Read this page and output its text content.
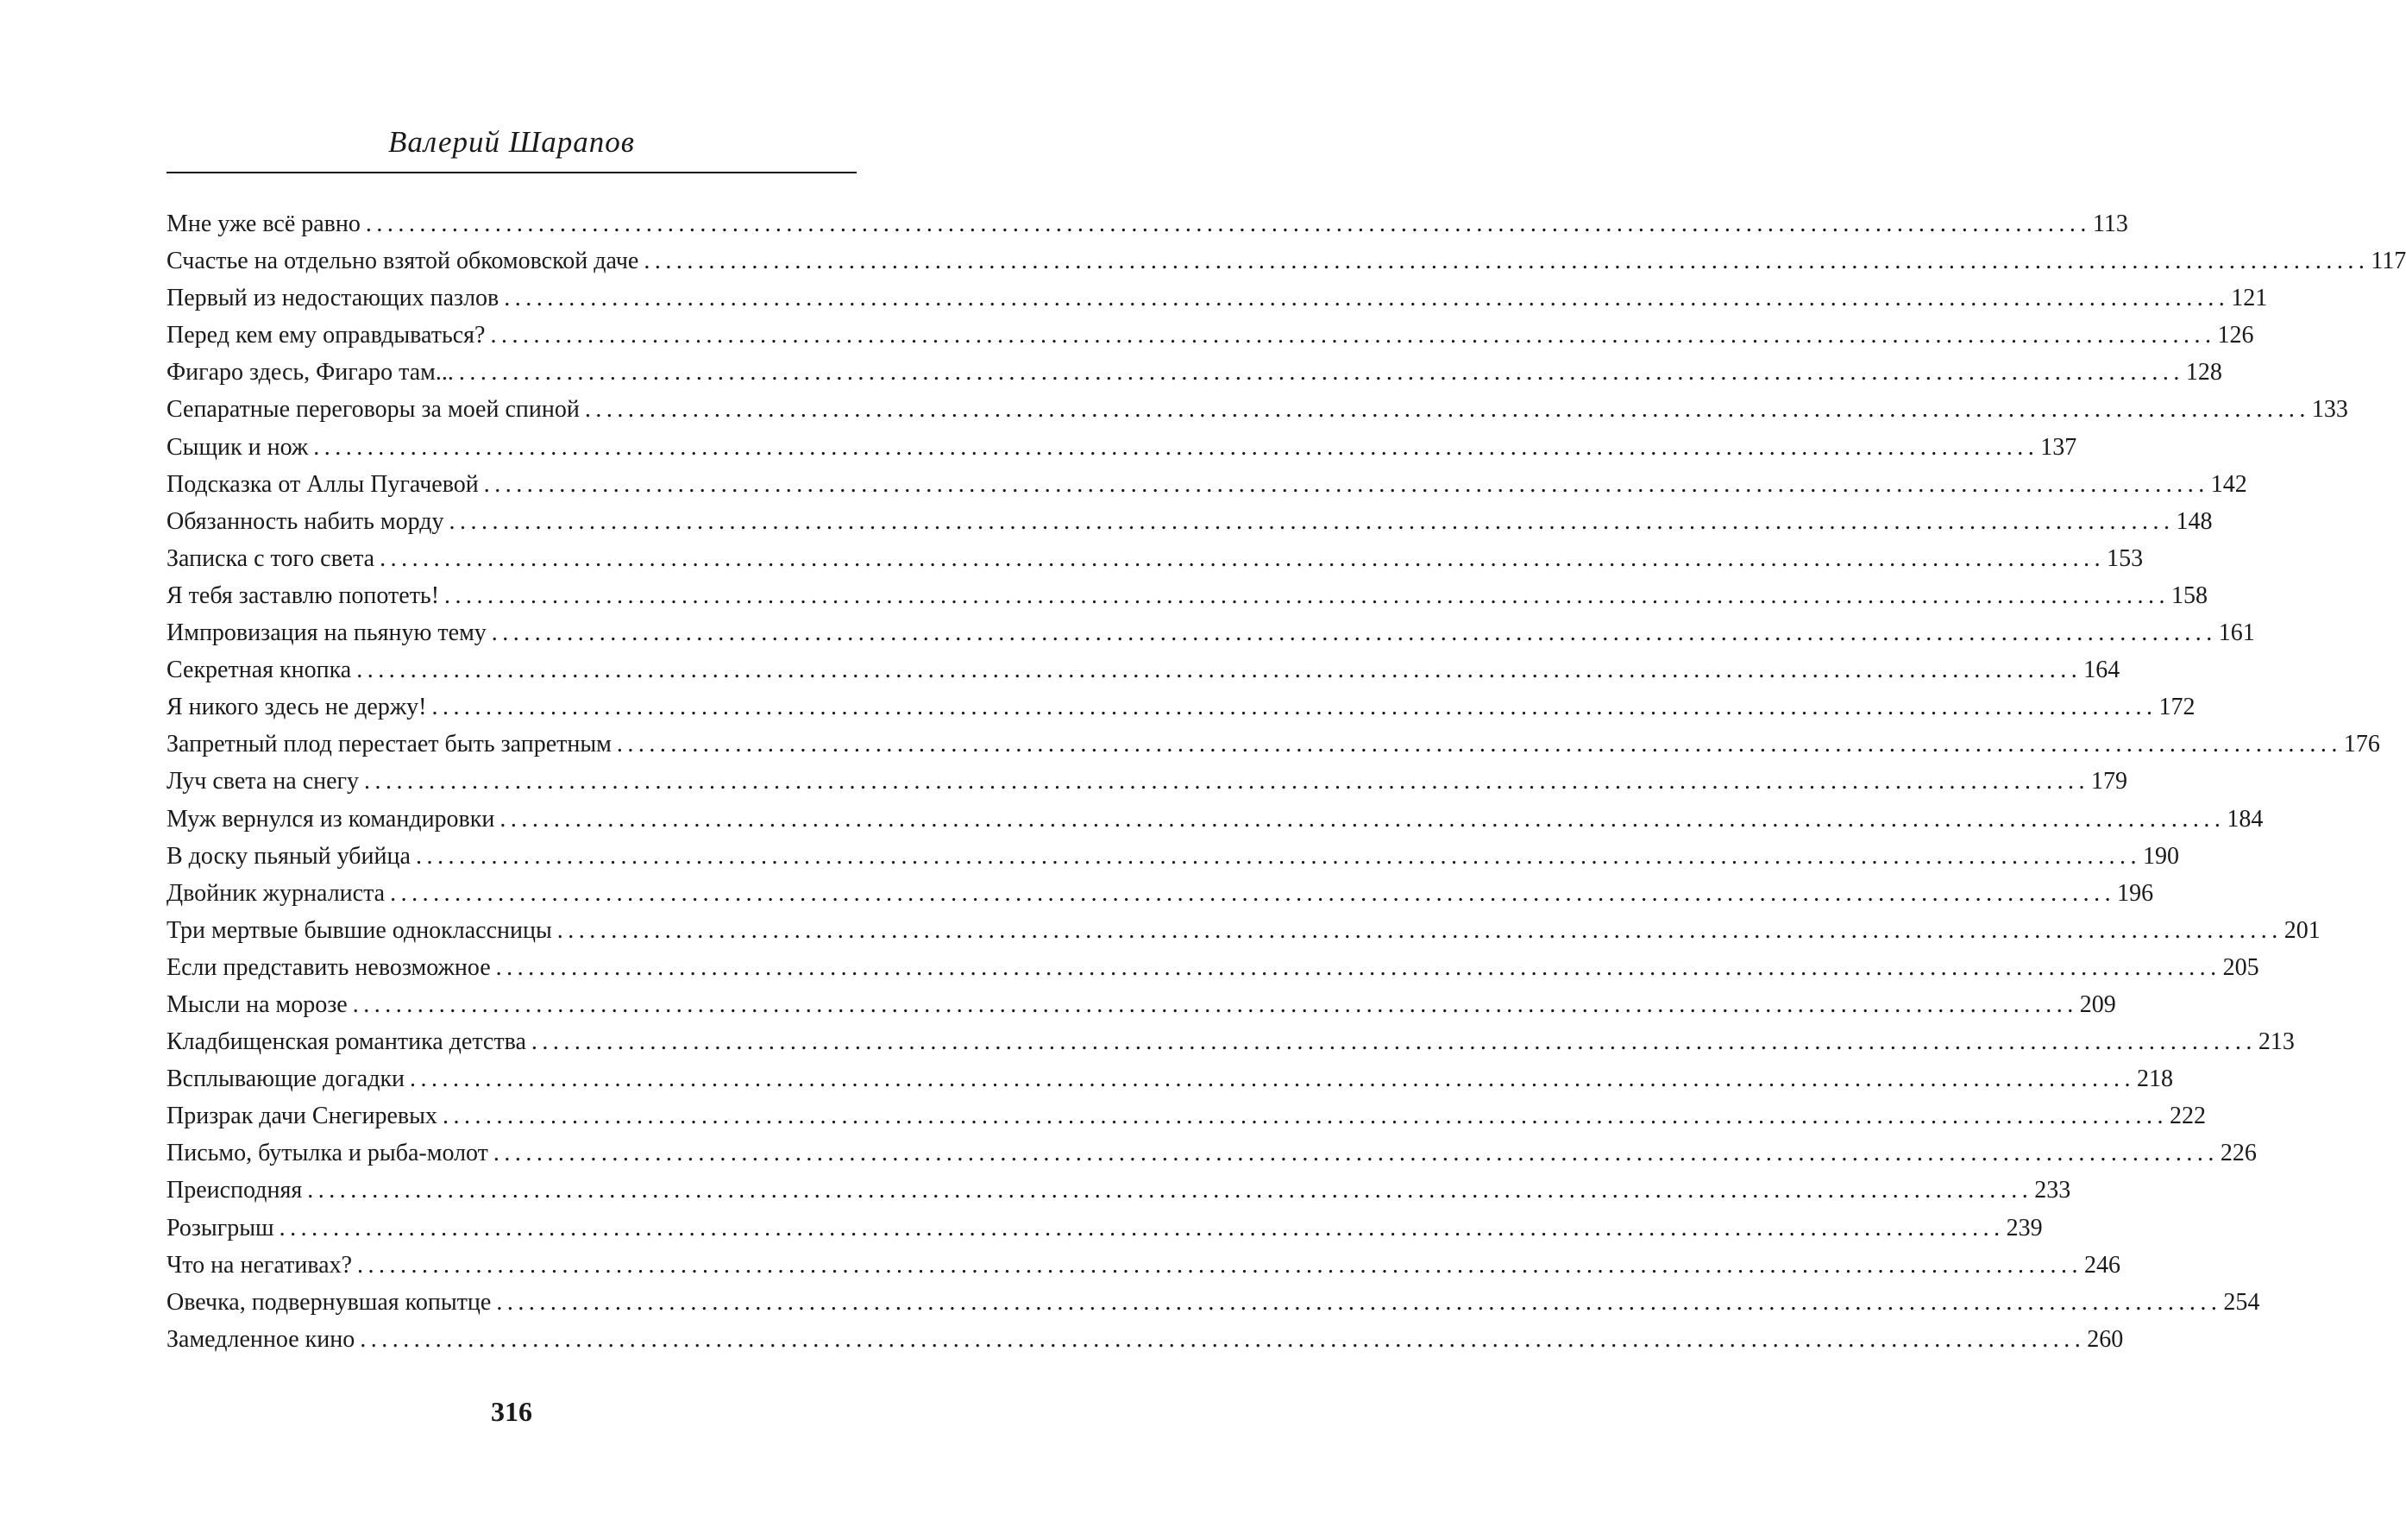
Валерий Шарапов
Мне уже всё равно ................................................................................................................................................................ 113
Счастье на отдельно взятой обкомовской даче ................................................................................................................................................................ 117
Первый из недостающих пазлов ................................................................................................................................................................ 121
Перед кем ему оправдываться? ................................................................................................................................................................ 126
Фигаро здесь, Фигаро там... ................................................................................................................................................................ 128
Сепаратные переговоры за моей спиной ................................................................................................................................................................ 133
Сыщик и нож ................................................................................................................................................................ 137
Подсказка от Аллы Пугачевой ................................................................................................................................................................ 142
Обязанность набить морду ................................................................................................................................................................ 148
Записка с того света ................................................................................................................................................................ 153
Я тебя заставлю попотеть! ................................................................................................................................................................ 158
Импровизация на пьяную тему ................................................................................................................................................................ 161
Секретная кнопка ................................................................................................................................................................ 164
Я никого здесь не держу! ................................................................................................................................................................ 172
Запретный плод перестает быть запретным ................................................................................................................................................................ 176
Луч света на снегу ................................................................................................................................................................ 179
Муж вернулся из командировки ................................................................................................................................................................ 184
В доску пьяный убийца ................................................................................................................................................................ 190
Двойник журналиста ................................................................................................................................................................ 196
Три мертвые бывшие одноклассницы ................................................................................................................................................................ 201
Если представить невозможное ................................................................................................................................................................ 205
Мысли на морозе ................................................................................................................................................................ 209
Кладбищенская романтика детства ................................................................................................................................................................ 213
Всплывающие догадки ................................................................................................................................................................ 218
Призрак дачи Снегиревых ................................................................................................................................................................ 222
Письмо, бутылка и рыба-молот ................................................................................................................................................................ 226
Преисподняя ................................................................................................................................................................ 233
Розыгрыш ................................................................................................................................................................ 239
Что на негативах? ................................................................................................................................................................ 246
Овечка, подвернувшая копытце ................................................................................................................................................................ 254
Замедленное кино ................................................................................................................................................................ 260
316
